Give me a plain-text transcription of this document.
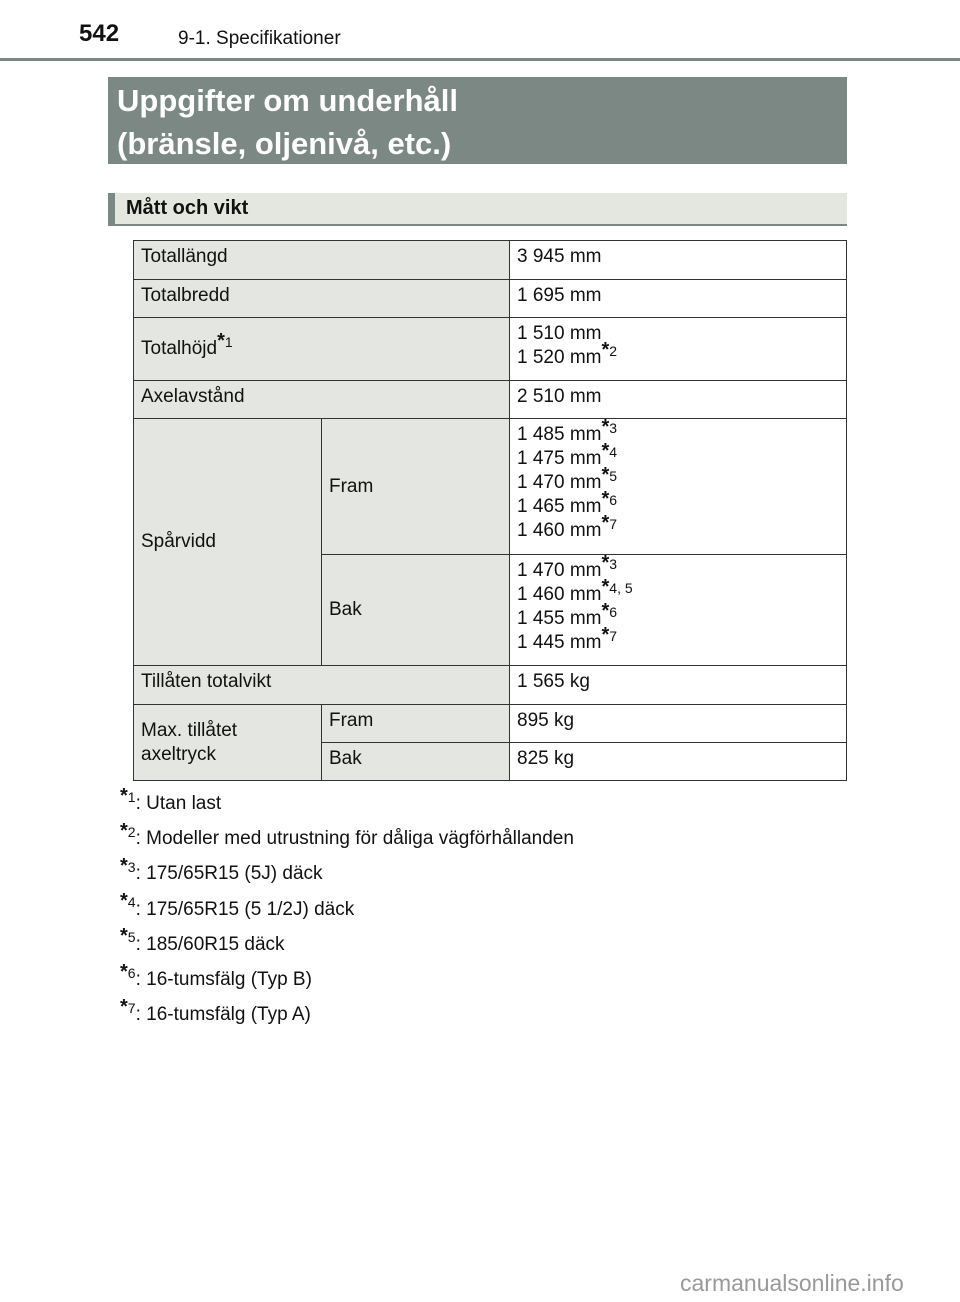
542	9-1. Specifikationer
Uppgifter om underhåll
(bränsle, oljenivå, etc.)
Mått och vikt
Totallängd		3 945 mm
Totalbredd		1 695 mm
Totalhöjd$^{*1}$		1 510 mm
1 520 $mm^{*2}$

Axelavstånd		2 510 mm
Spårvidd	Fram	1 485 $mm^{*3}$
1 475 $mm^{*4}$
1 470 $mm^{*5}$
1 465 $mm^{*6}$
1 460 $mm^{*7}$

	Bak	1 470 $mm^{*3}$
1 460 mm$^{*4, 5}$
1 455 $mm^{*6}$
1 445 $mm^{*7}$

Tillåten totalvikt		1 565 kg
Max. tillåtet
axeltryck	Fram	895 kg
	Bak	825 kg
$^{*1}$: Utan last
$^{*2}$: Modeller med utrustning för dåliga vägförhållanden
$^{*3}$: 175/65R15 (5J) däck
$^{*4}$: 175/65R15 (5 1/2J) däck
$^{*5}$: 185/60R15 däck
$^{*6}$: 16-tumsfälg (Typ B)
$^{*7}$: 16-tumsfälg (Typ A)
carmanualsonline.info
